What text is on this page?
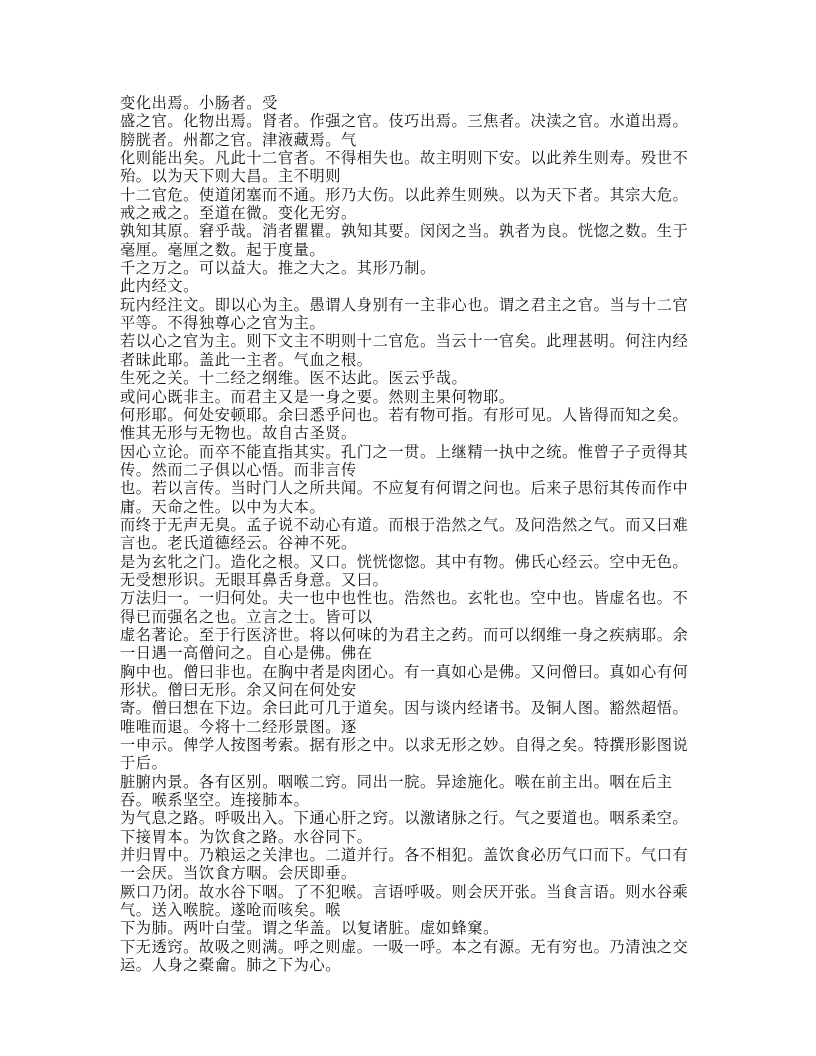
变化出焉。小肠者。受

盛之官。化物出焉。肾者。作强之官。伎巧出焉。三焦者。决渎之官。水道出焉。膀胱者。州都之官。津液藏焉。气

化则能出矣。凡此十二官者。不得相失也。故主明则下安。以此养生则寿。殁世不殆。以为天下则大昌。主不明则

十二官危。使道闭塞而不通。形乃大伤。以此养生则殃。以为天下者。其宗大危。戒之戒之。至道在微。变化无穷。

孰知其原。窘乎哉。消者瞿瞿。孰知其要。闵闵之当。孰者为良。恍惚之数。生于毫厘。毫厘之数。起于度量。

千之万之。可以益大。推之大之。其形乃制。

此内经文。

玩内经注文。即以心为主。愚谓人身别有一主非心也。谓之君主之官。当与十二官平等。不得独尊心之官为主。

若以心之官为主。则下文主不明则十二官危。当云十一官矣。此理甚明。何注内经者昧此耶。盖此一主者。气血之根。

生死之关。十二经之纲维。医不达此。医云乎哉。

或问心既非主。而君主又是一身之要。然则主果何物耶。

何形耶。何处安顿耶。余曰悉乎问也。若有物可指。有形可见。人皆得而知之矣。惟其无形与无物也。故自古圣贤。

因心立论。而卒不能直指其实。孔门之一贯。上继精一执中之统。惟曾子子贡得其传。然而二子俱以心悟。而非言传

也。若以言传。当时门人之所共闻。不应复有何谓之问也。后来子思衍其传而作中庸。天命之性。以中为大本。

而终于无声无臭。孟子说不动心有道。而根于浩然之气。及问浩然之气。而又曰难言也。老氏道德经云。谷神不死。

是为玄牝之门。造化之根。又口。恍恍惚惚。其中有物。佛氏心经云。空中无色。无受想形识。无眼耳鼻舌身意。又曰。

万法归一。一归何处。夫一也中也性也。浩然也。玄牝也。空中也。皆虚名也。不得已而强名之也。立言之士。皆可以

虚名著论。至于行医济世。将以何味的为君主之药。而可以纲维一身之疾病耶。余一日遇一高僧问之。自心是佛。佛在

胸中也。僧曰非也。在胸中者是肉团心。有一真如心是佛。又问僧曰。真如心有何形状。僧曰无形。余又问在何处安

寄。僧曰想在下边。余曰此可几于道矣。因与谈内经诸书。及铜人图。豁然超悟。唯唯而退。今将十二经形景图。逐

一申示。俾学人按图考索。据有形之中。以求无形之妙。自得之矣。特撰形影图说于后。

脏腑内景。各有区别。咽喉二窍。同出一脘。异途施化。喉在前主出。咽在后主吞。喉系坚空。连接肺本。

为气息之路。呼吸出入。下通心肝之窍。以激诸脉之行。气之要道也。咽系柔空。下接胃本。为饮食之路。水谷同下。

并归胃中。乃粮运之关津也。二道并行。各不相犯。盖饮食必历气口而下。气口有一会厌。当饮食方咽。会厌即垂。

厥口乃闭。故水谷下咽。了不犯喉。言语呼吸。则会厌开张。当食言语。则水谷乘气。送入喉脘。遂呛而咳矣。喉

下为肺。两叶白莹。谓之华盖。以复诸脏。虚如蜂窠。

下无透窍。故吸之则满。呼之则虚。一吸一呼。本之有源。无有穷也。乃清浊之交运。人身之橐龠。肺之下为心。
